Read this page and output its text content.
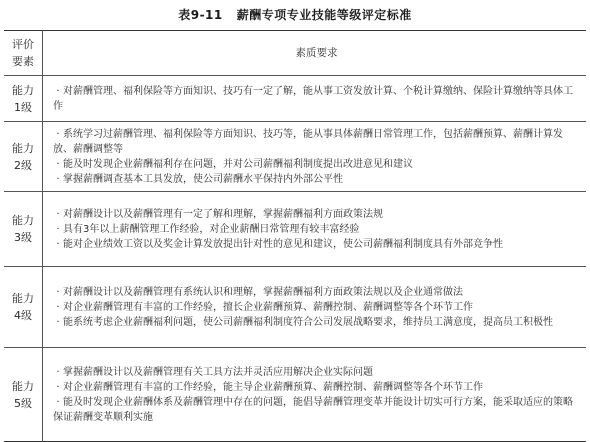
表9-11 薪酬专项专业技能等级评定标准
评价
要素	素质要求

能力
1级	· 对薪酬管理、福利保险等方面知识、技巧有一定了解，能从事工资发放计算、个税计算缴纳、保险计算缴纳等具体工作

能力
2级	· 系统学习过薪酬管理、福利保险等方面知识、技巧等，能从事具体薪酬日常管理工作，包括薪酬预算、薪酬计算发放、薪酬调整等
· 能及时发现企业薪酬福利存在问题，并对公司薪酬福利制度提出改进意见和建议
· 掌握薪酬调查基本工具发放，使公司薪酬水平保持内外部公平性

能力
3级	· 对薪酬设计以及薪酬管理有一定了解和理解，掌握薪酬福利方面政策法规
· 具有3年以上薪酬管理工作经验，对企业薪酬日常管理有较丰富经验
· 能对企业绩效工资以及奖金计算发放提出针对性的意见和建议，使公司薪酬福利制度具有外部竞争性

能力
4级	· 对薪酬设计以及薪酬管理有系统认识和理解，掌握薪酬福利方面政策法规以及企业通常做法
· 对企业薪酬管理有丰富的工作经验，擅长企业薪酬预算、薪酬控制、薪酬调整等各个环节工作
· 能系统考虑企业薪酬福利问题，使公司薪酬福利制度符合公司发展战略要求，维持员工满意度，提高员工积极性

能力
5级	· 掌握薪酬设计以及薪酬管理有关工具方法并灵活应用解决企业实际问题
· 对企业薪酬管理有丰富的工作经验，能主导企业薪酬预算、薪酬控制、薪酬调整等各个环节工作
· 能及时发现企业薪酬体系及薪酬管理中存在的问题，能倡导薪酬管理变革并能设计切实可行方案，能采取适应的策略保证薪酬变革顺利实施
